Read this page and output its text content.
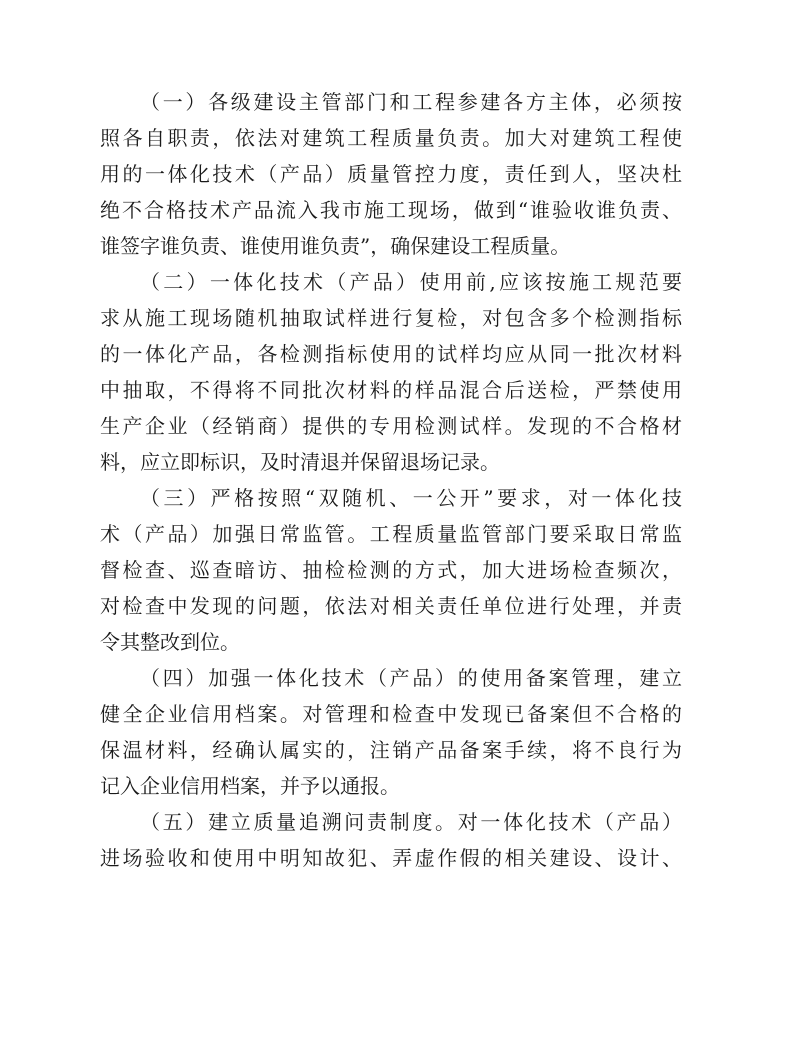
（一）各级建设主管部门和工程参建各方主体，必须按
照各自职责，依法对建筑工程质量负责。加大对建筑工程使
用的一体化技术（产品）质量管控力度，责任到人，坚决杜
绝不合格技术产品流入我市施工现场，做到“谁验收谁负责、
谁签字谁负责、谁使用谁负责”，确保建设工程质量。
（二）一体化技术（产品）使用前,应该按施工规范要
求从施工现场随机抽取试样进行复检，对包含多个检测指标
的一体化产品，各检测指标使用的试样均应从同一批次材料
中抽取，不得将不同批次材料的样品混合后送检，严禁使用
生产企业（经销商）提供的专用检测试样。发现的不合格材
料，应立即标识，及时清退并保留退场记录。
（三）严格按照“双随机、一公开”要求，对一体化技
术（产品）加强日常监管。工程质量监管部门要采取日常监
督检查、巡查暗访、抽检检测的方式，加大进场检查频次，
对检查中发现的问题，依法对相关责任单位进行处理，并责
令其整改到位。
（四）加强一体化技术（产品）的使用备案管理，建立
健全企业信用档案。对管理和检查中发现已备案但不合格的
保温材料，经确认属实的，注销产品备案手续，将不良行为
记入企业信用档案，并予以通报。
（五）建立质量追溯问责制度。对一体化技术（产品）
进场验收和使用中明知故犯、弄虚作假的相关建设、设计、
